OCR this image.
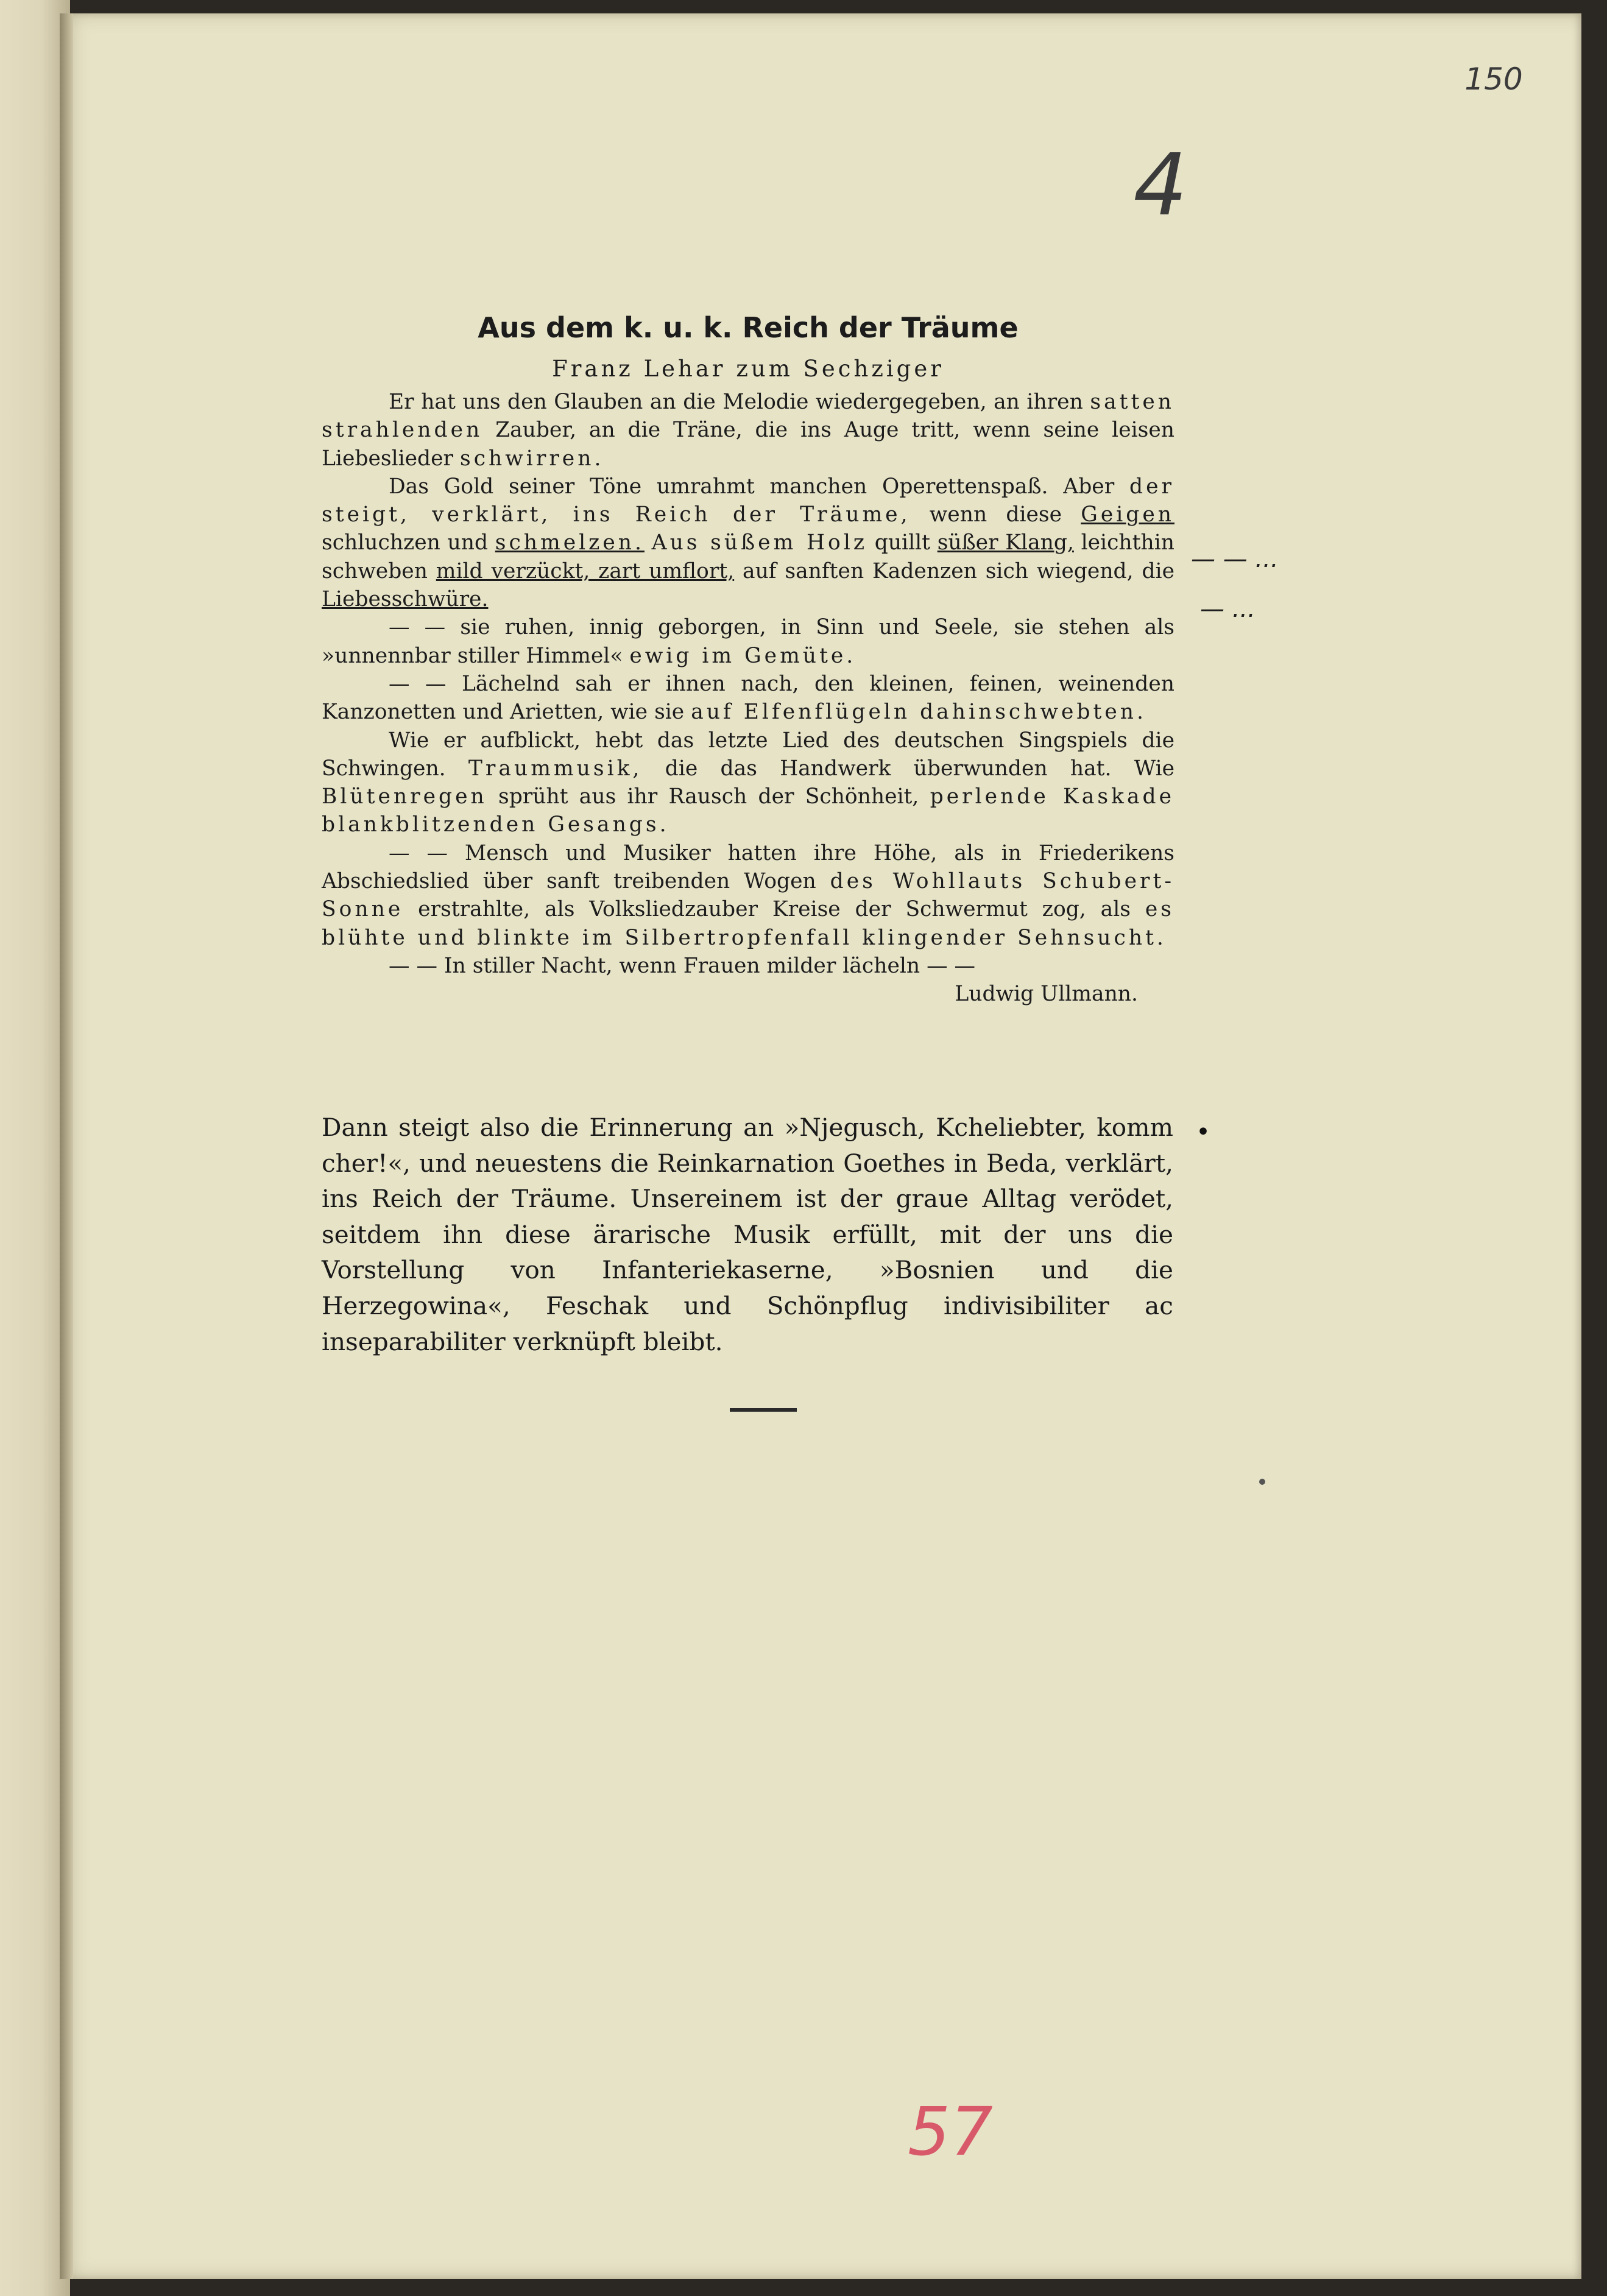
150
4
57
— — ...
— ...
•
Aus dem k. u. k. Reich der Träume
Franz Lehar zum Sechziger

Er hat uns den Glauben an die Melodie wiedergegeben, an ihren satten strahlenden Zauber, an die Träne, die ins Auge tritt, wenn seine leisen Liebeslieder schwirren.

Das Gold seiner Töne umrahmt manchen Operettenspaß. Aber der steigt, verklärt, ins Reich der Träume, wenn diese Geigen schluchzen und schmelzen. Aus süßem Holz quillt süßer Klang, leichthin schweben mild verzückt, zart umflort, auf sanften Kadenzen sich wiegend, die Liebesschwüre.

— — sie ruhen, innig geborgen, in Sinn und Seele, sie stehen als »unnennbar stiller Himmel« ewig im Gemüte.

— — Lächelnd sah er ihnen nach, den kleinen, feinen, weinenden Kanzonetten und Arietten, wie sie auf Elfenflügeln dahinschwebten.

Wie er aufblickt, hebt das letzte Lied des deutschen Singspiels die Schwingen. Traummusik, die das Handwerk überwunden hat. Wie Blütenregen sprüht aus ihr Rausch der Schönheit, perlende Kaskade blankblitzenden Gesangs.

— — Mensch und Musiker hatten ihre Höhe, als in Friederikens Abschiedslied über sanft treibenden Wogen des Wohllauts Schubert-Sonne erstrahlte, als Volksliedzauber Kreise der Schwermut zog, als es blühte und blinkte im Silbertropfenfall klingender Sehnsucht.

— — In stiller Nacht, wenn Frauen milder lächeln — —

Ludwig Ullmann.

Dann steigt also die Erinnerung an »Njegusch, Kcheliebter, komm cher!«, und neuestens die Reinkarnation Goethes in Beda, verklärt, ins Reich der Träume. Unsereinem ist der graue Alltag verödet, seitdem ihn diese ärarische Musik erfüllt, mit der uns die Vorstellung von Infanteriekaserne, »Bosnien und die Herzegowina«, Feschak und Schönpflug indivisibiliter ac inseparabiliter verknüpft bleibt.
